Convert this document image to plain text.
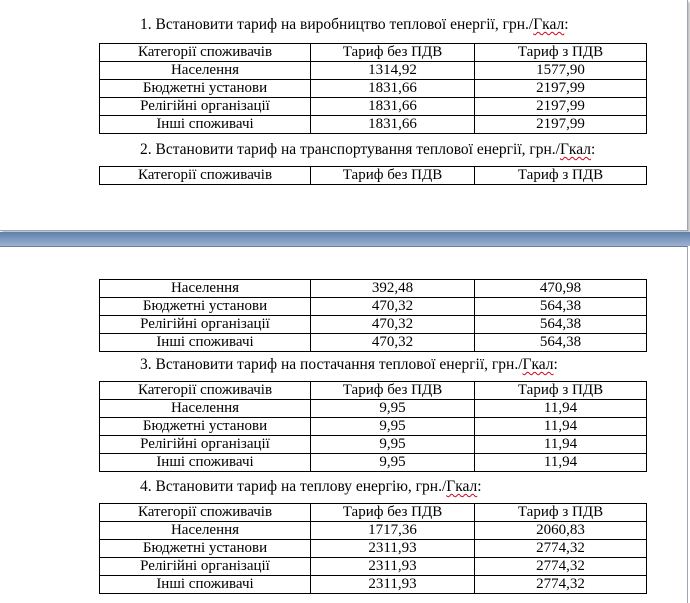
1. Встановити тариф на виробництво теплової енергії, грн./Гкал:
Категорії споживачів	Тариф без ПДВ	Тариф з ПДВ
Населення	1314,92	1577,90
Бюджетні установи	1831,66	2197,99
Релігійні організації	1831,66	2197,99
Інші споживачі	1831,66	2197,99
2. Встановити тариф на транспортування теплової енергії, грн./Гкал:
Категорії споживачів	Тариф без ПДВ	Тариф з ПДВ
Населення	392,48	470,98
Бюджетні установи	470,32	564,38
Релігійні організації	470,32	564,38
Інші споживачі	470,32	564,38
3. Встановити тариф на постачання теплової енергії, грн./Гкал:
Категорії споживачів	Тариф без ПДВ	Тариф з ПДВ
Населення	9,95	11,94
Бюджетні установи	9,95	11,94
Релігійні організації	9,95	11,94
Інші споживачі	9,95	11,94
4. Встановити тариф на теплову енергію, грн./Гкал:
Категорії споживачів	Тариф без ПДВ	Тариф з ПДВ
Населення	1717,36	2060,83
Бюджетні установи	2311,93	2774,32
Релігійні організації	2311,93	2774,32
Інші споживачі	2311,93	2774,32
